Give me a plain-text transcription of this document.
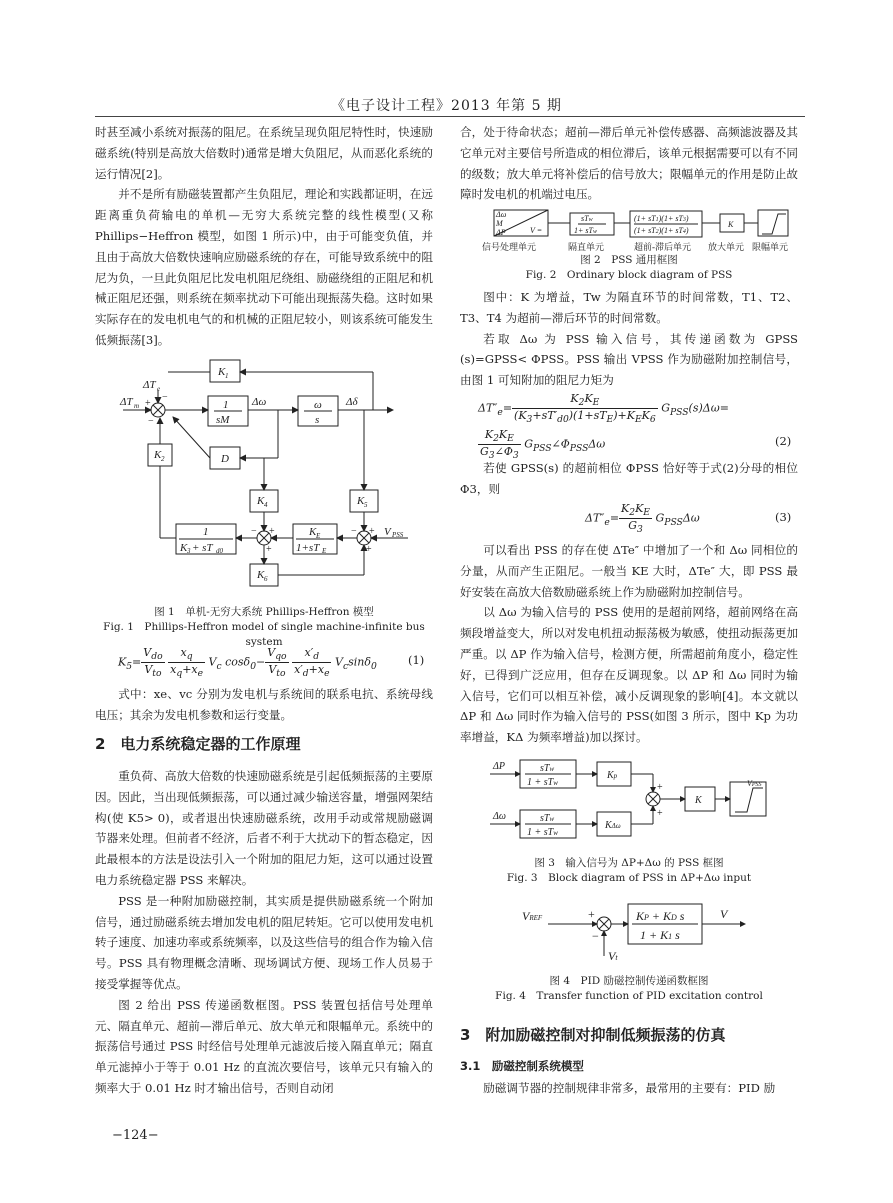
《电子设计工程》2013 年第 5 期

时甚至减小系统对振荡的阻尼。在系统呈现负阻尼特性时，快速励磁系统(特别是高放大倍数时)通常是增大负阻尼，从而恶化系统的运行情况[2]。

并不是所有励磁装置都产生负阻尼，理论和实践都证明，在远距离重负荷输电的单机—无穷大系统完整的线性模型(又称 Phillips−Heffron 模型，如图 1 所示)中，由于可能变负值，并且由于高放大倍数快速响应励磁系统的存在，可能导致系统中的阻尼为负，一旦此负阻尼比发电机阻尼绕组、励磁绕组的正阻尼和机械正阻尼还强，则系统在频率扰动下可能出现振荡失稳。这时如果实际存在的发电机电气的和机械的正阻尼较小，则该系统可能发生低频振荡[3]。

K 1
1
sM
ω
s
Δω	Δδ
ΔT m
ΔT e
K 2	D
K 4	K 5
K E
1+sT E
1
K 3 + sT d0
K 6
V PSS
+
−
−
− +
+
− +
+
图 1　单机-无穷大系统 Phillips-Heffron 模型
Fig. 1　Phillips-Heffron model of single machine-infinite bus system
$K_5= \frac{V_{do}}{V_{to}}$
$\frac{x_q}{x_q+x_e} V_c$ $\cos\delta_0- \frac{V_{qo}}{V_{to}}$
$\frac{x'_d}{x'_d+x_e} V_c\sin\delta_0$	(1)

式中：xe、vc 分别为发电机与系统间的联系电抗、系统母线电压；其余为发电机参数和运行变量。

2　电力系统稳定器的工作原理

重负荷、高放大倍数的快速励磁系统是引起低频振荡的主要原因。因此，当出现低频振荡，可以通过减少输送容量，增强网架结构(使 K5> 0)，或者退出快速励磁系统，改用手动或常规励磁调节器来处理。但前者不经济，后者不利于大扰动下的暂态稳定，因此最根本的方法是设法引入一个附加的阻尼力矩，这可以通过设置电力系统稳定器 PSS 来解决。

PSS 是一种附加励磁控制，其实质是提供励磁系统一个附加信号，通过励磁系统去增加发电机的阻尼转矩。它可以使用发电机转子速度、加速功率或系统频率，以及这些信号的组合作为输入信号。PSS 具有物理概念清晰、现场调试方便、现场工作人员易于接受掌握等优点。

图 2 给出 PSS 传递函数框图。PSS 装置包括信号处理单元、隔直单元、超前—滞后单元、放大单元和限幅单元。系统中的振荡信号通过 PSS 时经信号处理单元滤波后接入隔直单元；隔直单元滤掉小于等于 0.01 Hz 的直流次要信号，该单元只有输入的频率大于 0.01 Hz 时才输出信号，否则自动闭

−124−

合，处于待命状态；超前—滞后单元补偿传感器、高频滤波器及其它单元对主要信号所造成的相位滞后，该单元根据需要可以有不同的级数；放大单元将补偿后的信号放大；限幅单元的作用是防止故障时发电机的机端过电压。

Δω
M
ΔP	V =
sTw
1+ sTw
(1+ sT1)(1+ sT3)
(1+ sT2)(1+ sT4)
K
信号处理单元	隔直单元	超前-滞后单元 放大单元 限幅单元
图 2　PSS 通用框图
Fig. 2　Ordinary block diagram of PSS

图中：K 为增益，Tw 为隔直环节的时间常数，T1、T2、T3、T4 为超前—滞后环节的时间常数。

若取 Δω 为 PSS 输入信号，其传递函数为 GPSS (s)=GPSS< ΦPSS。PSS 输出 VPSS 作为励磁附加控制信号，由图 1 可知附加的阻尼力矩为

$\Delta T''_e= \frac{K_2K_E}{(K_3+sT'_{d0})(1+sT_E)+K_EK_6} G_{PSS}(s)\Delta\omega=$
$\frac{K_2K_E}{G_3\angle\Phi_3}$ $G_{PSS}\angle\Phi_{PSS}\Delta\omega$	(2)

若使 GPSS(s) 的超前相位 ΦPSS 恰好等于式(2)分母的相位 Φ3，则

$\Delta T''_e= \frac{K_2K_E}{G_3} G_{PSS}\Delta\omega$	(3)

可以看出 PSS 的存在使 ΔTe″ 中增加了一个和 Δω 同相位的分量，从而产生正阻尼。一般当 KE 大时，ΔTe″ 大，即 PSS 最好安装在高放大倍数励磁系统上作为励磁附加控制信号。

以 Δω 为输入信号的 PSS 使用的是超前网络，超前网络在高频段增益变大，所以对发电机扭动振荡极为敏感，使扭动振荡更加严重。以 ΔP 作为输入信号，检测方便，所需超前角度小，稳定性好，已得到广泛应用，但存在反调现象。以 ΔP 和 Δω 同时为输入信号，它们可以相互补偿，减小反调现象的影响[4]。本文就以 ΔP 和 Δω 同时作为输入信号的 PSS(如图 3 所示，图中 Kp 为功率增益，KΔ 为频率增益)加以探讨。

ΔP
Δω
sTw
1 + sTw
sTw
1 + sTw
Kp
KΔω
K
VPSS
+
+
图 3　输入信号为 ΔP+Δω 的 PSS 框图
Fig. 3　Block diagram of PSS in ΔP+Δω input
VREF	KP + KD s
1 + K1 s
V
Vt
+
−
图 4　PID 励磁控制传递函数框图
Fig. 4　Transfer function of PID excitation control
3　附加励磁控制对抑制低频振荡的仿真
3.1　励磁控制系统模型

励磁调节器的控制规律非常多，最常用的主要有：PID 励
